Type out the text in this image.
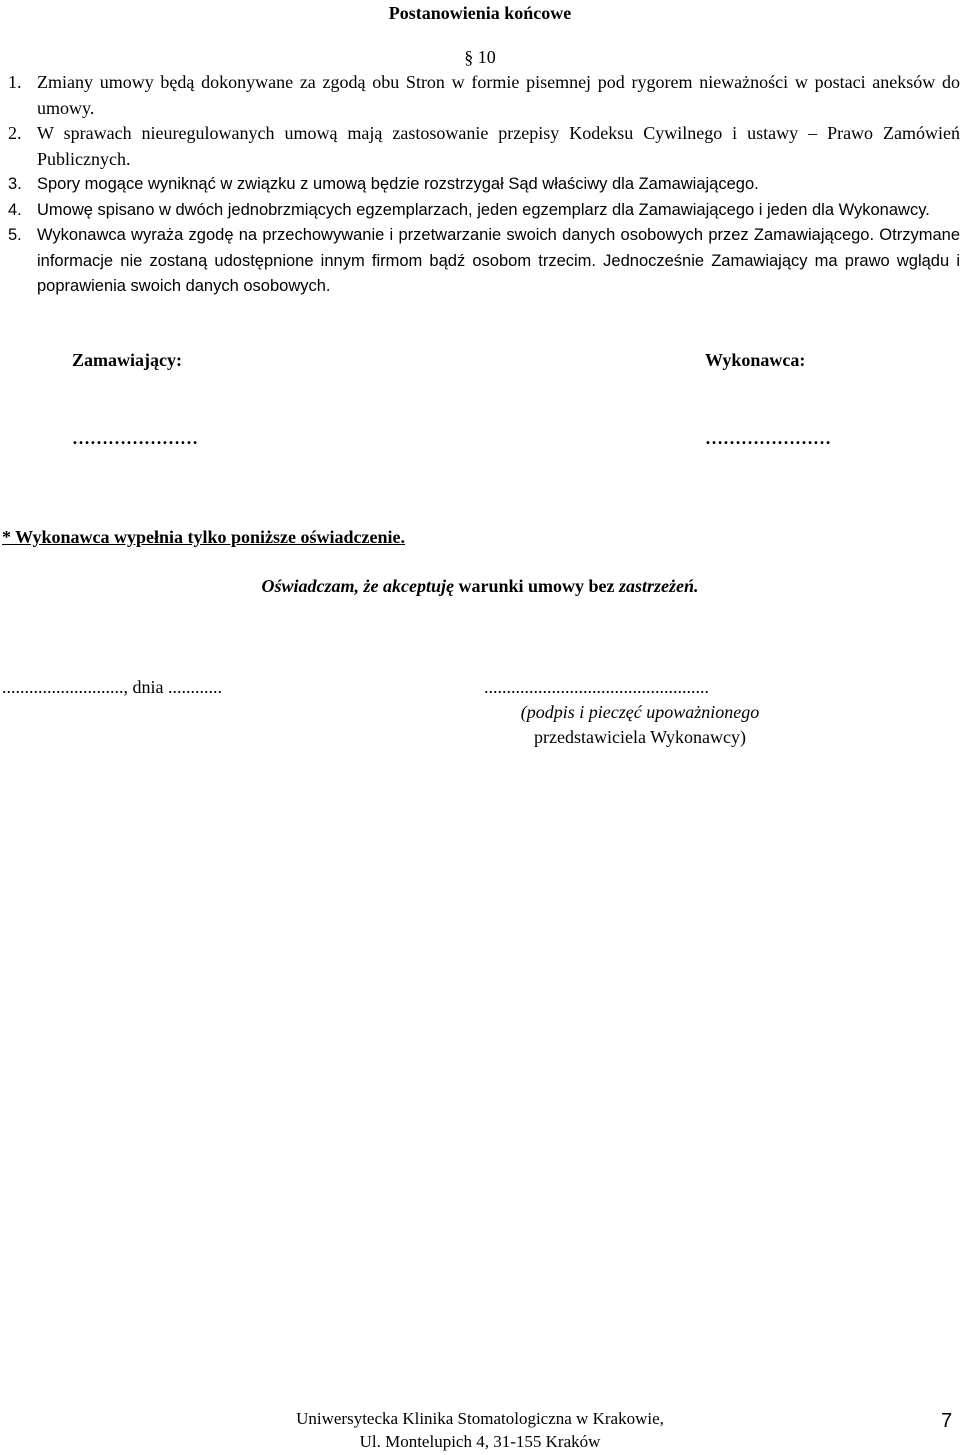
Postanowienia końcowe
§ 10
1. Zmiany umowy będą dokonywane za zgodą obu Stron w formie pisemnej pod rygorem nieważności w postaci aneksów do umowy.
2. W sprawach nieuregulowanych umową mają zastosowanie przepisy Kodeksu Cywilnego i ustawy – Prawo Zamówień Publicznych.
3. Spory mogące wyniknąć w związku z umową będzie rozstrzygał Sąd właściwy dla Zamawiającego.
4. Umowę spisano w dwóch jednobrzmiących egzemplarzach, jeden egzemplarz dla Zamawiającego i jeden dla Wykonawcy.
5. Wykonawca wyraża zgodę na przechowywanie i przetwarzanie swoich danych osobowych przez Zamawiającego. Otrzymane informacje nie zostaną udostępnione innym firmom bądź osobom trzecim. Jednocześnie Zamawiający ma prawo wglądu i poprawienia swoich danych osobowych.
Zamawiający:	Wykonawca:
…………………	…………………
* Wykonawca wypełnia tylko poniższe oświadczenie.
Oświadczam, że akceptuję warunki umowy bez zastrzeżeń.
..........................., dnia ............	..................................................
(podpis i pieczęć upoważnionego
przedstawiciela Wykonawcy)
Uniwersytecka Klinika Stomatologiczna w Krakowie,
Ul. Montelupich 4, 31-155 Kraków
7
